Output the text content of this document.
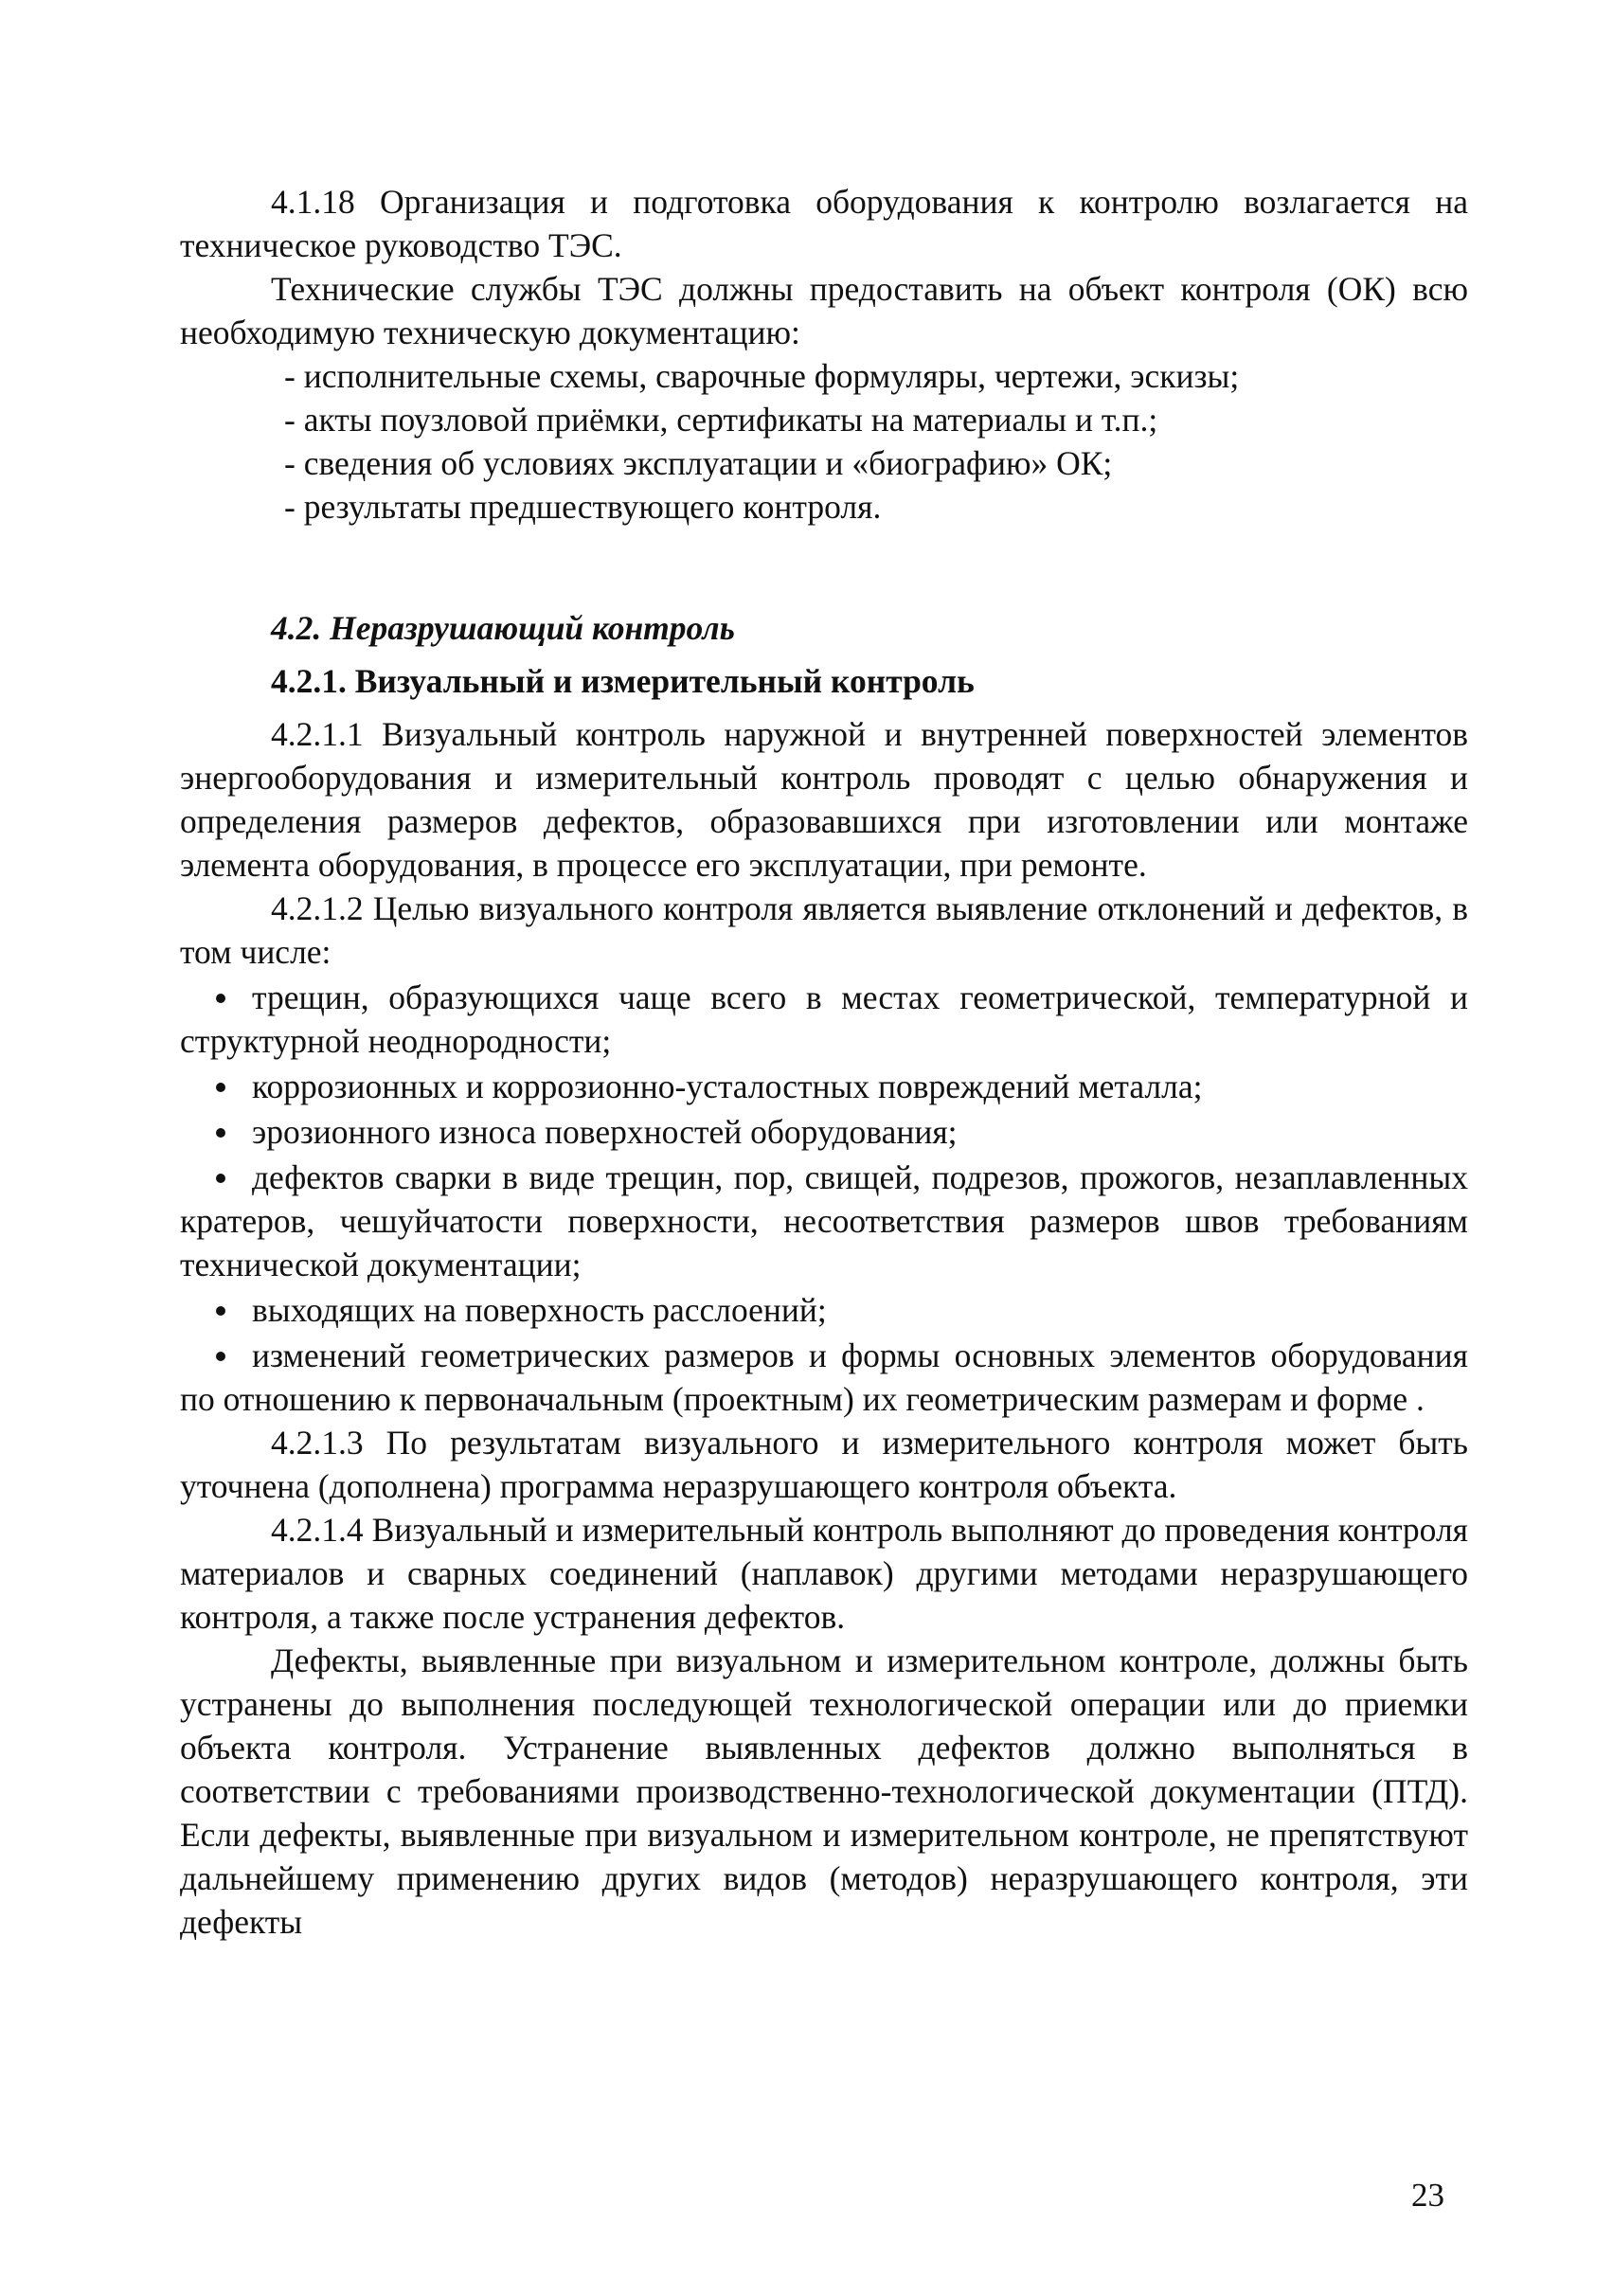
4.1.18 Организация и подготовка оборудования к контролю возлагается на техническое руководство ТЭС.

Технические службы ТЭС должны предоставить на объект контроля (ОК) всю необходимую техническую документацию:

- исполнительные схемы, сварочные формуляры, чертежи, эскизы;

- акты поузловой приёмки, сертификаты на материалы и т.п.;

- сведения об условиях эксплуатации и «биографию» ОК;

- результаты предшествующего контроля.

4.2. Неразрушающий контроль

4.2.1. Визуальный и измерительный контроль

4.2.1.1 Визуальный контроль наружной и внутренней поверхностей элементов энергооборудования и измерительный контроль проводят с целью обнаружения и определения размеров дефектов, образовавшихся при изготовлении или монтаже элемента оборудования, в процессе его эксплуатации, при ремонте.

4.2.1.2 Целью визуального контроля является выявление отклонений и дефектов, в том числе:

трещин, образующихся чаще всего в местах геометрической, температурной и структурной неоднородности;

коррозионных и коррозионно-усталостных повреждений металла;

эрозионного износа поверхностей оборудования;

дефектов сварки в виде трещин, пор, свищей, подрезов, прожогов, незаплавленных кратеров, чешуйчатости поверхности, несоответствия размеров швов требованиям технической документации;

выходящих на поверхность расслоений;

изменений геометрических размеров и формы основных элементов оборудования по отношению к первоначальным (проектным) их геометрическим размерам и форме .

4.2.1.3 По результатам визуального и измерительного контроля может быть уточнена (дополнена) программа неразрушающего контроля объекта.

4.2.1.4 Визуальный и измерительный контроль выполняют до проведения контроля материалов и сварных соединений (наплавок) другими методами неразрушающего контроля, а также после устранения дефектов.

Дефекты, выявленные при визуальном и измерительном контроле, должны быть устранены до выполнения последующей технологической операции или до приемки объекта контроля. Устранение выявленных дефектов должно выполняться в соответствии с требованиями производственно-технологической документации (ПТД). Если дефекты, выявленные при визуальном и измерительном контроле, не препятствуют дальнейшему применению других видов (методов) неразрушающего контроля, эти дефекты

23
